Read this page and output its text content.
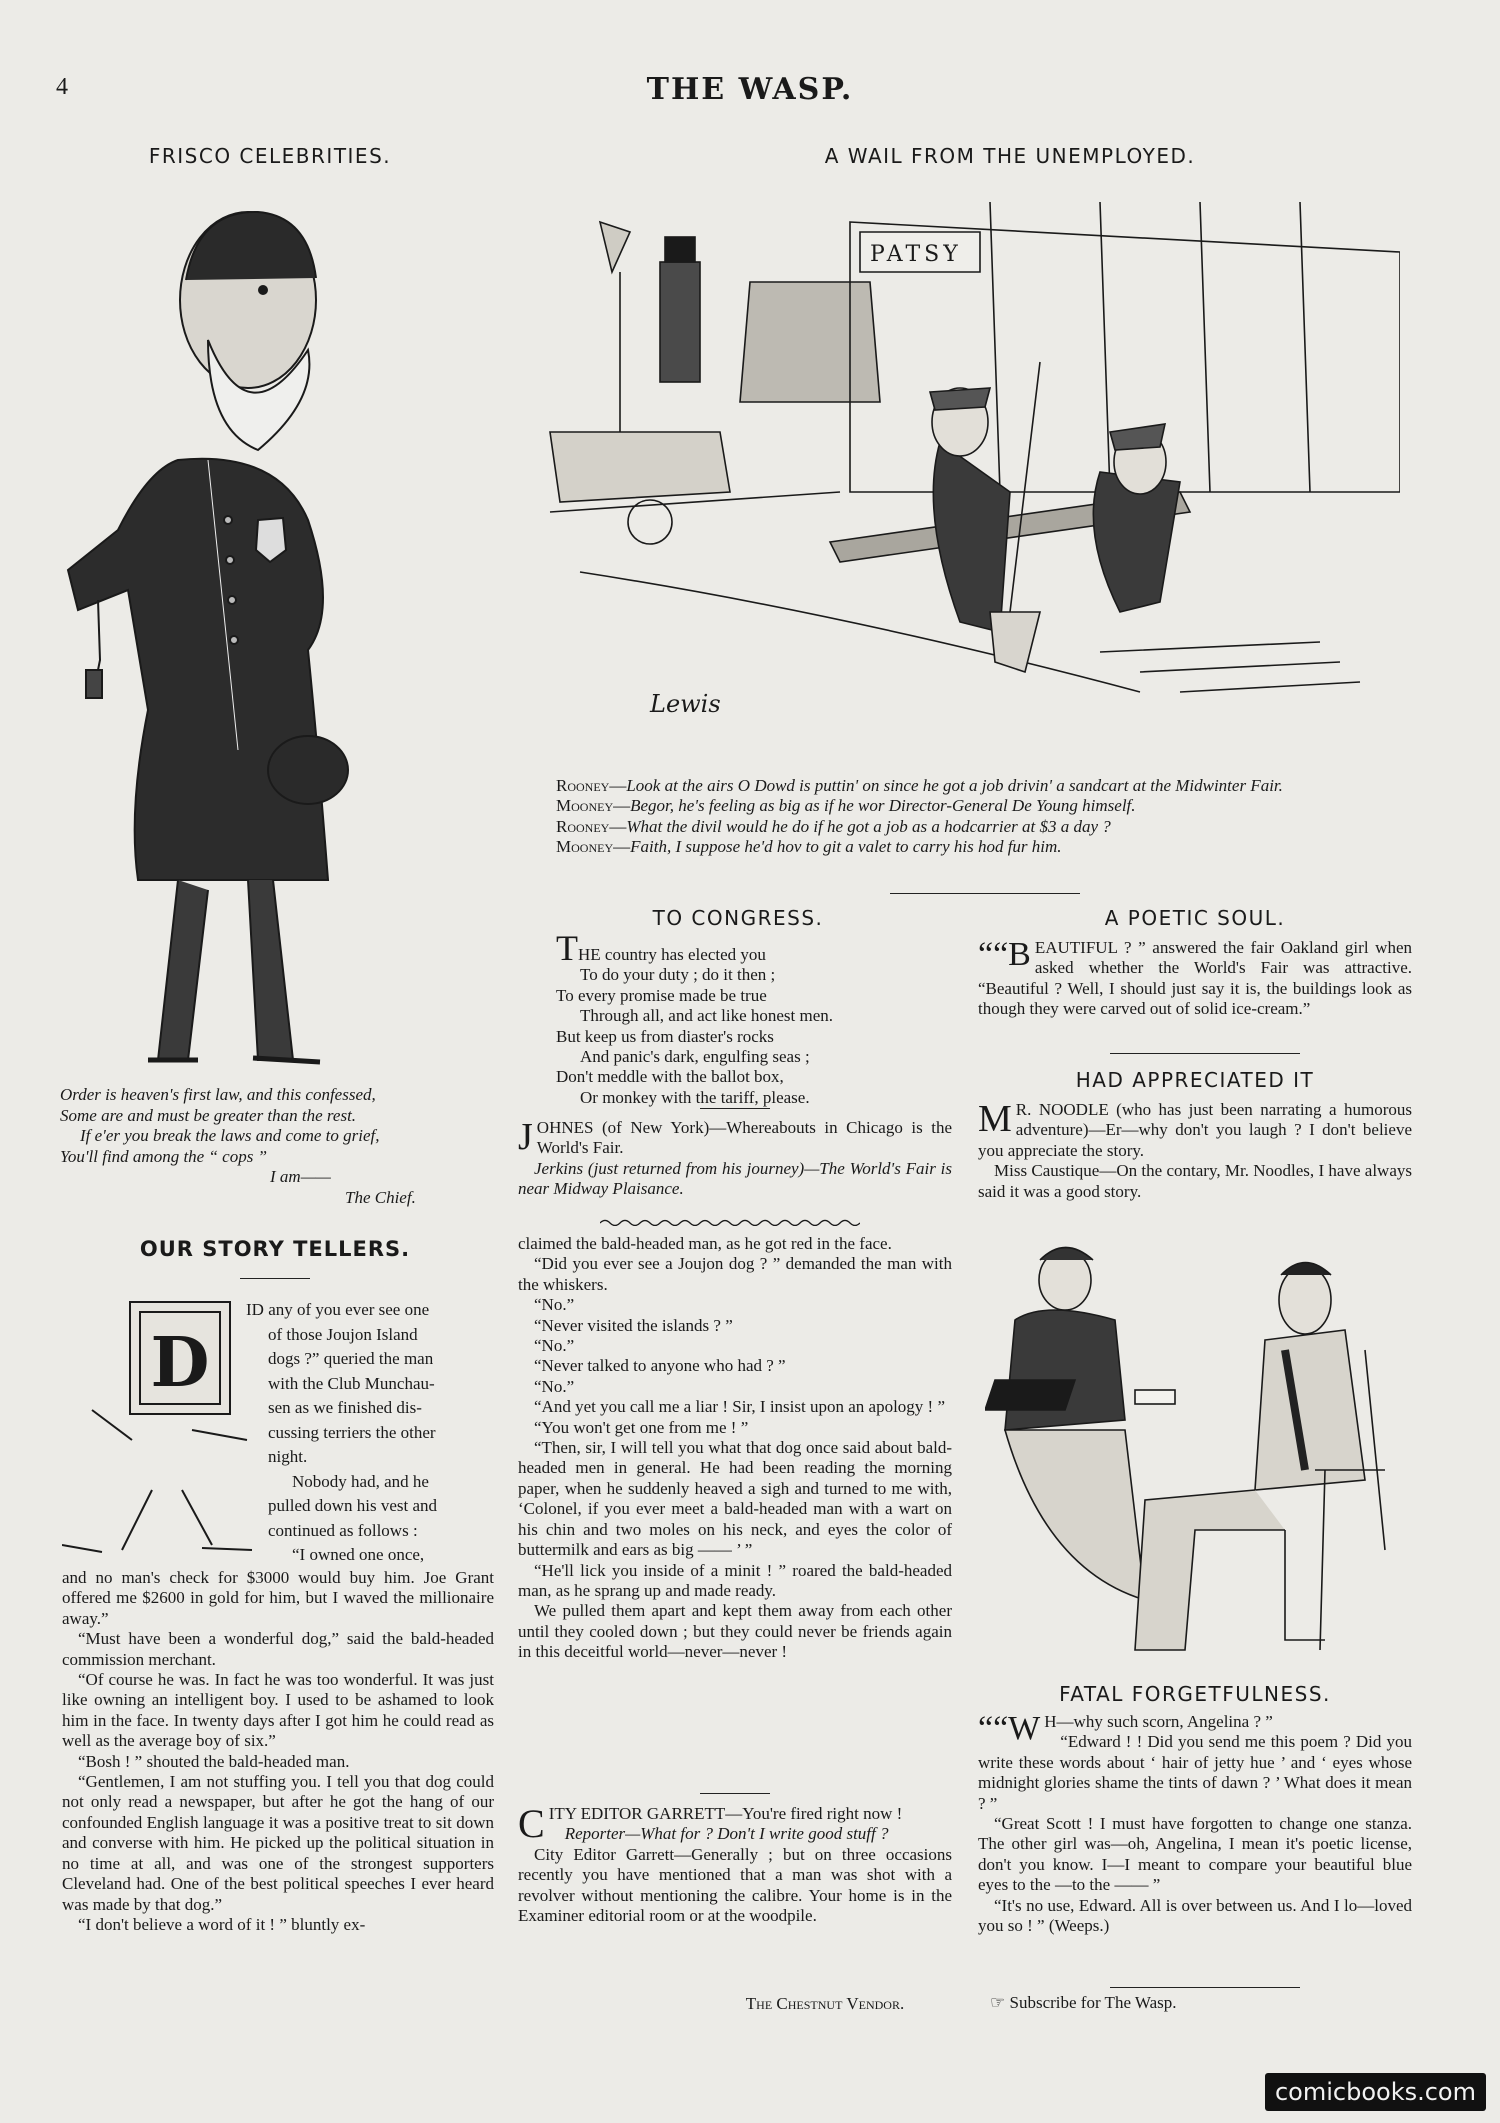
4	THE WASP.
FRISCO CELEBRITIES.
Order is heaven's first law, and this confessed,
Some are and must be greater than the rest.
If e'er you break the laws and come to grief,
You'll find among the “ cops ”
I am——
The Chief.
OUR STORY TELLERS.
D
ID any of you ever see one
of those Joujon Island
dogs ?” queried the man
with the Club Munchau-
sen as we finished dis-
cussing terriers the other
night.
Nobody had, and he
pulled down his vest and
continued as follows :
“I owned one once,

and no man's check for $3000 would buy him. Joe Grant offered me $2600 in gold for him, but I waved the millionaire away.”

“Must have been a wonderful dog,” said the bald-headed commission merchant.

“Of course he was. In fact he was too wonderful. It was just like owning an intelligent boy. I used to be ashamed to look him in the face. In twenty days after I got him he could read as well as the average boy of six.”

“Bosh ! ” shouted the bald-headed man.

“Gentlemen, I am not stuffing you. I tell you that dog could not only read a newspaper, but after he got the hang of our confounded English language it was a positive treat to sit down and converse with him. He picked up the political situation in no time at all, and was one of the strongest supporters Cleveland had. One of the best political speeches I ever heard was made by that dog.”

“I don't believe a word of it ! ” bluntly ex-

A WAIL FROM THE UNEMPLOYED.
PATSY
Lewis
Rooney—Look at the airs O Dowd is puttin' on since he got a job drivin' a sandcart at the Midwinter Fair.
Mooney—Begor, he's feeling as big as if he wor Director-General De Young himself.
Rooney—What the divil would he do if he got a job as a hodcarrier at $3 a day ?
Mooney—Faith, I suppose he'd hov to git a valet to carry his hod fur him.
TO CONGRESS.
THE country has elected you
To do your duty ; do it then ;
To every promise made be true
Through all, and act like honest men.
But keep us from diaster's rocks
And panic's dark, engulfing seas ;
Don't meddle with the ballot box,
Or monkey with the tariff, please.

JOHNES (of New York)—Whereabouts in Chicago is the World's Fair.

Jerkins (just returned from his journey)—The World's Fair is near Midway Plaisance.

claimed the bald-headed man, as he got red in the face.

“Did you ever see a Joujon dog ? ” demanded the man with the whiskers.

“No.”

“Never visited the islands ? ”

“No.”

“Never talked to anyone who had ? ”

“No.”

“And yet you call me a liar ! Sir, I insist upon an apology ! ”

“You won't get one from me ! ”

“Then, sir, I will tell you what that dog once said about bald-headed men in general. He had been reading the morning paper, when he suddenly heaved a sigh and turned to me with, ‘Colonel, if you ever meet a bald-headed man with a wart on his chin and two moles on his neck, and eyes the color of buttermilk and ears as big —— ’ ”

“He'll lick you inside of a minit ! ” roared the bald-headed man, as he sprang up and made ready.

We pulled them apart and kept them away from each other until they cooled down ; but they could never be friends again in this deceitful world—never—never !

CITY EDITOR GARRETT—You're fired right now !

Reporter—What for ? Don't I write good stuff ?

City Editor Garrett—Generally ; but on three occasions recently you have mentioned that a man was shot with a revolver without mentioning the calibre. Your home is in the Examiner editorial room or at the woodpile.

The Chestnut Vendor.
A POETIC SOUL.

““B EAUTIFUL ? ” answered the fair Oakland girl when asked whether the World's Fair was attractive. “Beautiful ? Well, I should just say it is, the buildings look as though they were carved out of solid ice-cream.”

HAD APPRECIATED IT

M R. NOODLE (who has just been narrating a humorous adventure)—Er—why don't you laugh ? I don't believe you appreciate the story.

Miss Caustique—On the contary, Mr. Noodles, I have always said it was a good story.

FATAL FORGETFULNESS.

““W H—why such scorn, Angelina ? ”

“Edward ! ! Did you send me this poem ? Did you write these words about ‘ hair of jetty hue ’ and ‘ eyes whose midnight glories shame the tints of dawn ? ’ What does it mean ? ”

“Great Scott ! I must have forgotten to change one stanza. The other girl was—oh, Angelina, I mean it's poetic license, don't you know. I—I meant to compare your beautiful blue eyes to the —to the —— ”

“It's no use, Edward. All is over between us. And I lo—loved you so ! ” (Weeps.)

☞ Subscribe for The Wasp.
comicbooks.com
